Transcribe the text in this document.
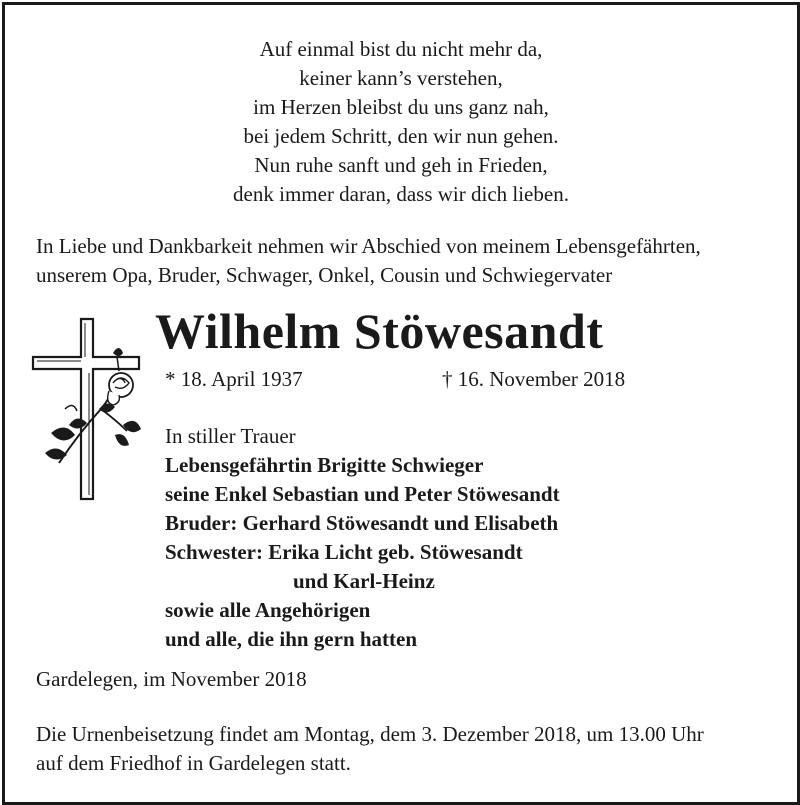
Auf einmal bist du nicht mehr da,
keiner kann’s verstehen,
im Herzen bleibst du uns ganz nah,
bei jedem Schritt, den wir nun gehen.
Nun ruhe sanft und geh in Frieden,
denk immer daran, dass wir dich lieben.
In Liebe und Dankbarkeit nehmen wir Abschied von meinem Lebensgefährten,
unserem Opa, Bruder, Schwager, Onkel, Cousin und Schwiegervater
Wilhelm Stöwesandt
* 18. April 1937	† 16. November 2018
In stiller Trauer
Lebensgefährtin Brigitte Schwieger
seine Enkel Sebastian und Peter Stöwesandt
Bruder: Gerhard Stöwesandt und Elisabeth
Schwester: Erika Licht geb. Stöwesandt
und Karl-Heinz
sowie alle Angehörigen
und alle, die ihn gern hatten
Gardelegen, im November 2018
Die Urnenbeisetzung findet am Montag, dem 3. Dezember 2018, um 13.00 Uhr
auf dem Friedhof in Gardelegen statt.
